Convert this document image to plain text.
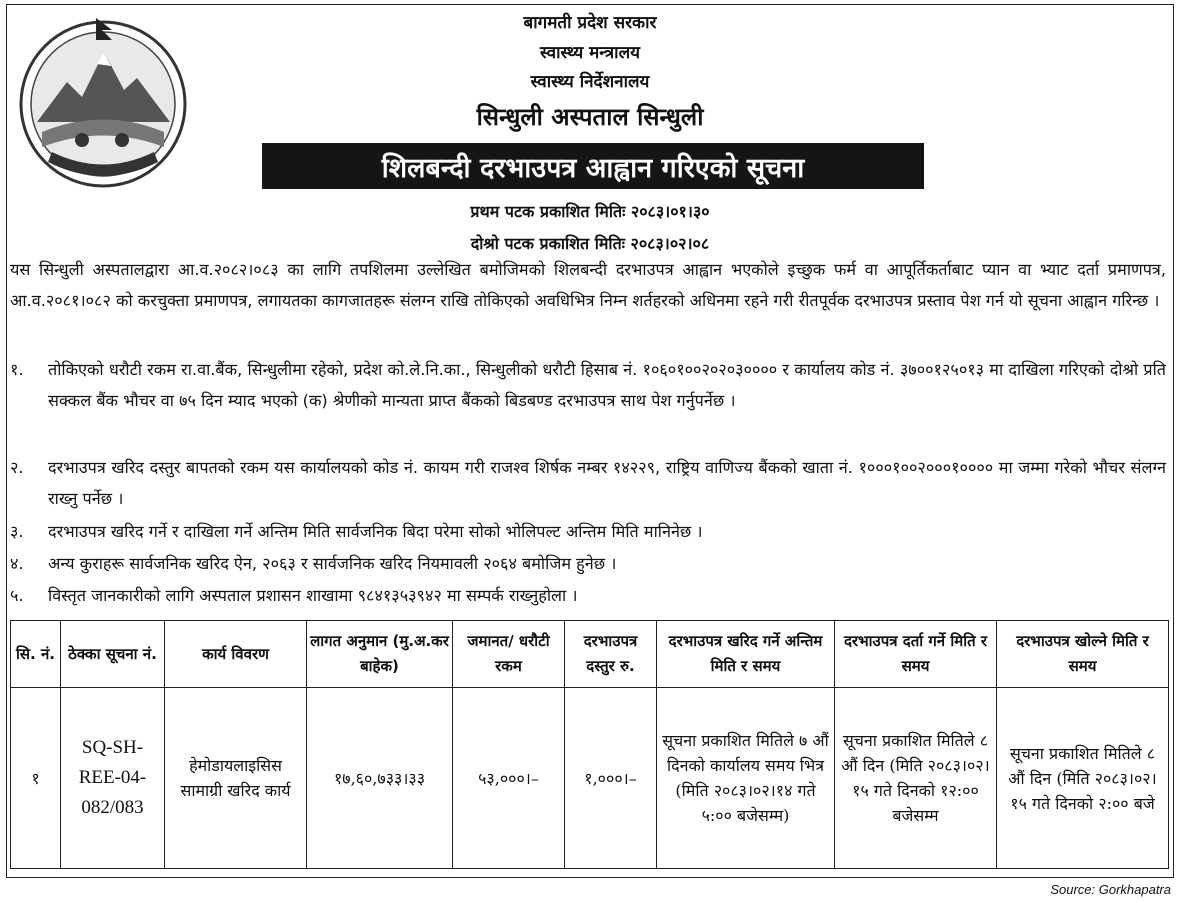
बागमती प्रदेश सरकार
स्वास्थ्य मन्त्रालय
स्वास्थ्य निर्देशनालय
सिन्धुली अस्पताल सिन्धुली
शिलबन्दी दरभाउपत्र आह्वान गरिएको सूचना
प्रथम पटक प्रकाशित मितिः २०८३।०१।३०
दोश्रो पटक प्रकाशित मितिः २०८३।०२।०८
यस सिन्धुली अस्पतालद्वारा आ.व.२०८२।०८३ का लागि तपशिलमा उल्लेखित बमोजिमको शिलबन्दी दरभाउपत्र आह्वान भएकोले इच्छुक फर्म वा आपूर्तिकर्ताबाट प्यान वा भ्याट दर्ता प्रमाणपत्र, आ.व.२०८१।०८२ को करचुक्ता प्रमाणपत्र, लगायतका कागजातहरू संलग्न राखि तोकिएको अवधिभित्र निम्न शर्तहरको अधिनमा रहने गरी रीतपूर्वक दरभाउपत्र प्रस्ताव पेश गर्न यो सूचना आह्वान गरिन्छ ।
१.	तोकिएको धरौटी रकम रा.वा.बैंक, सिन्धुलीमा रहेको, प्रदेश को.ले.नि.का., सिन्धुलीको धरौटी हिसाब नं. १०६०१००२०२०३०००० र कार्यालय कोड नं. ३७००१२५०१३ मा दाखिला गरिएको दोश्रो प्रति सक्कल बैंक भौचर वा ७५ दिन म्याद भएको (क) श्रेणीको मान्यता प्राप्त बैंकको बिडबण्ड दरभाउपत्र साथ पेश गर्नुपर्नेछ ।
२.	दरभाउपत्र खरिद दस्तुर बापतको रकम यस कार्यालयको कोड नं. कायम गरी राजश्व शिर्षक नम्बर १४२२९, राष्ट्रिय वाणिज्य बैंकको खाता नं. १०००१००२०००१०००० मा जम्मा गरेको भौचर संलग्न राख्नु पर्नेछ ।
३.	दरभाउपत्र खरिद गर्ने र दाखिला गर्ने अन्तिम मिति सार्वजनिक बिदा परेमा सोको भोलिपल्ट अन्तिम मिति मानिनेछ ।
४.	अन्य कुराहरू सार्वजनिक खरिद ऐन, २०६३ र सार्वजनिक खरिद नियमावली २०६४ बमोजिम हुनेछ ।
५.	विस्तृत जानकारीको लागि अस्पताल प्रशासन शाखामा ९८४१३५३९४२ मा सम्पर्क राख्नुहोला ।
सि. नं.	ठेक्का सूचना नं.	कार्य विवरण	लागत अनुमान (मु.अ.कर बाहेक)	जमानत/ धरौटी रकम	दरभाउपत्र दस्तुर रु.	दरभाउपत्र खरिद गर्ने अन्तिम मिति र समय	दरभाउपत्र दर्ता गर्ने मिति र समय	दरभाउपत्र खोल्ने मिति र समय
१	SQ-SH-REE-04-082/083	हेमोडायलाइसिस सामाग्री खरिद कार्य	१७,६०,७३३।३३	५३,०००।–	१,०००।–	सूचना प्रकाशित मितिले ७ औं दिनको कार्यालय समय भित्र (मिति २०८३।०२।१४ गते ५:०० बजेसम्म)	सूचना प्रकाशित मितिले ८ औं दिन (मिति २०८३।०२।१५ गते दिनको १२:०० बजेसम्म	सूचना प्रकाशित मितिले ८ औं दिन (मिति २०८३।०२।१५ गते दिनको २:०० बजे
Source: Gorkhapatra
